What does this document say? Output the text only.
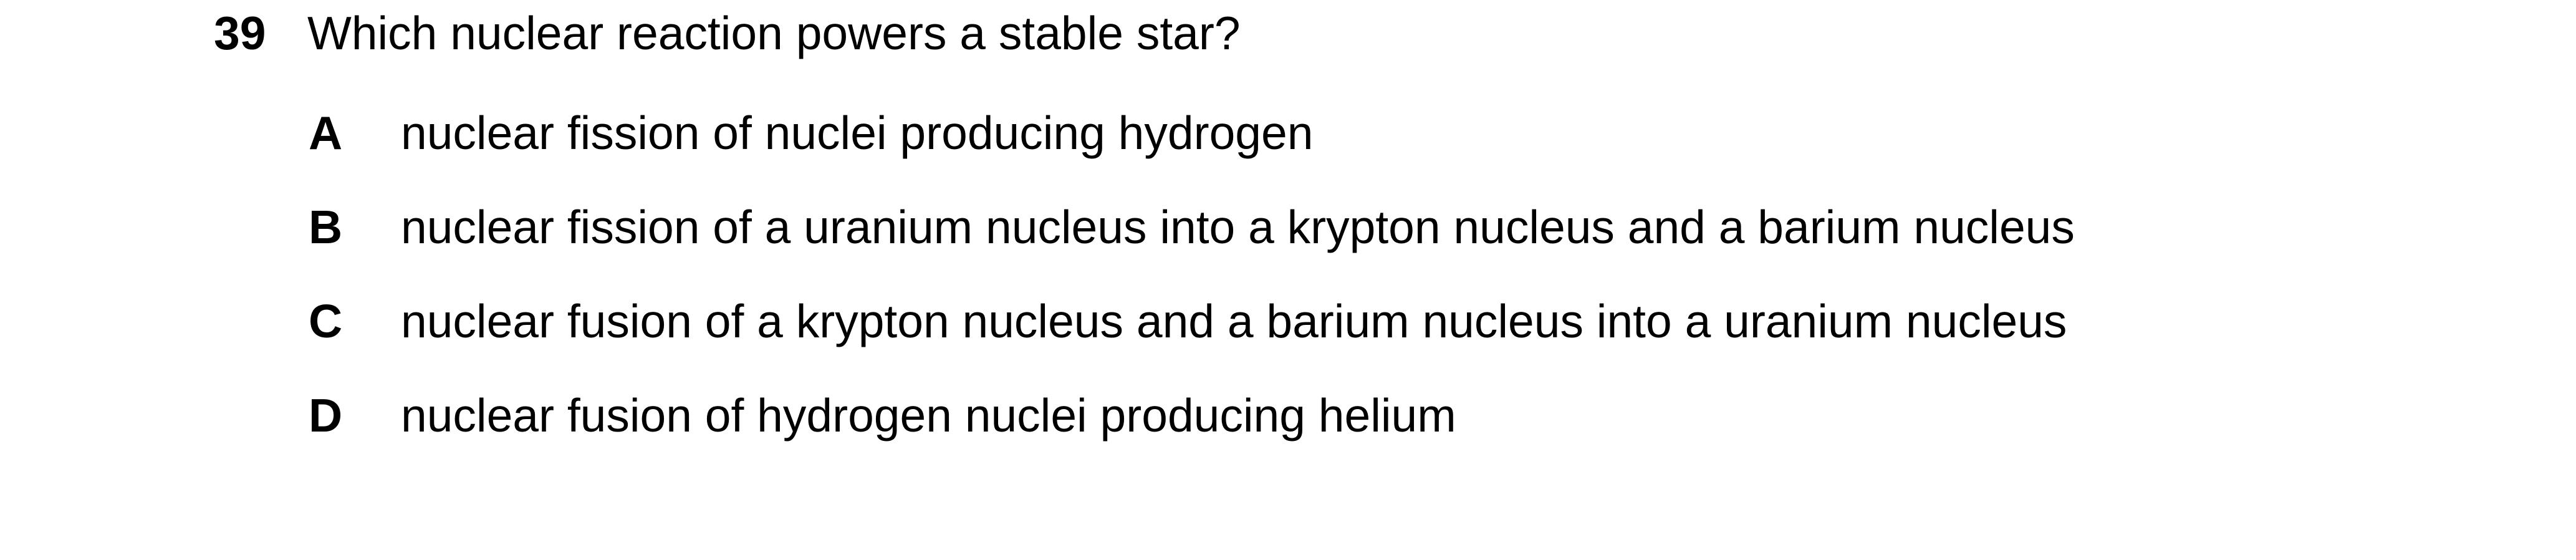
39 Which nuclear reaction powers a stable star?
A nuclear fission of nuclei producing hydrogen
B nuclear fission of a uranium nucleus into a krypton nucleus and a barium nucleus
C nuclear fusion of a krypton nucleus and a barium nucleus into a uranium nucleus
D nuclear fusion of hydrogen nuclei producing helium
